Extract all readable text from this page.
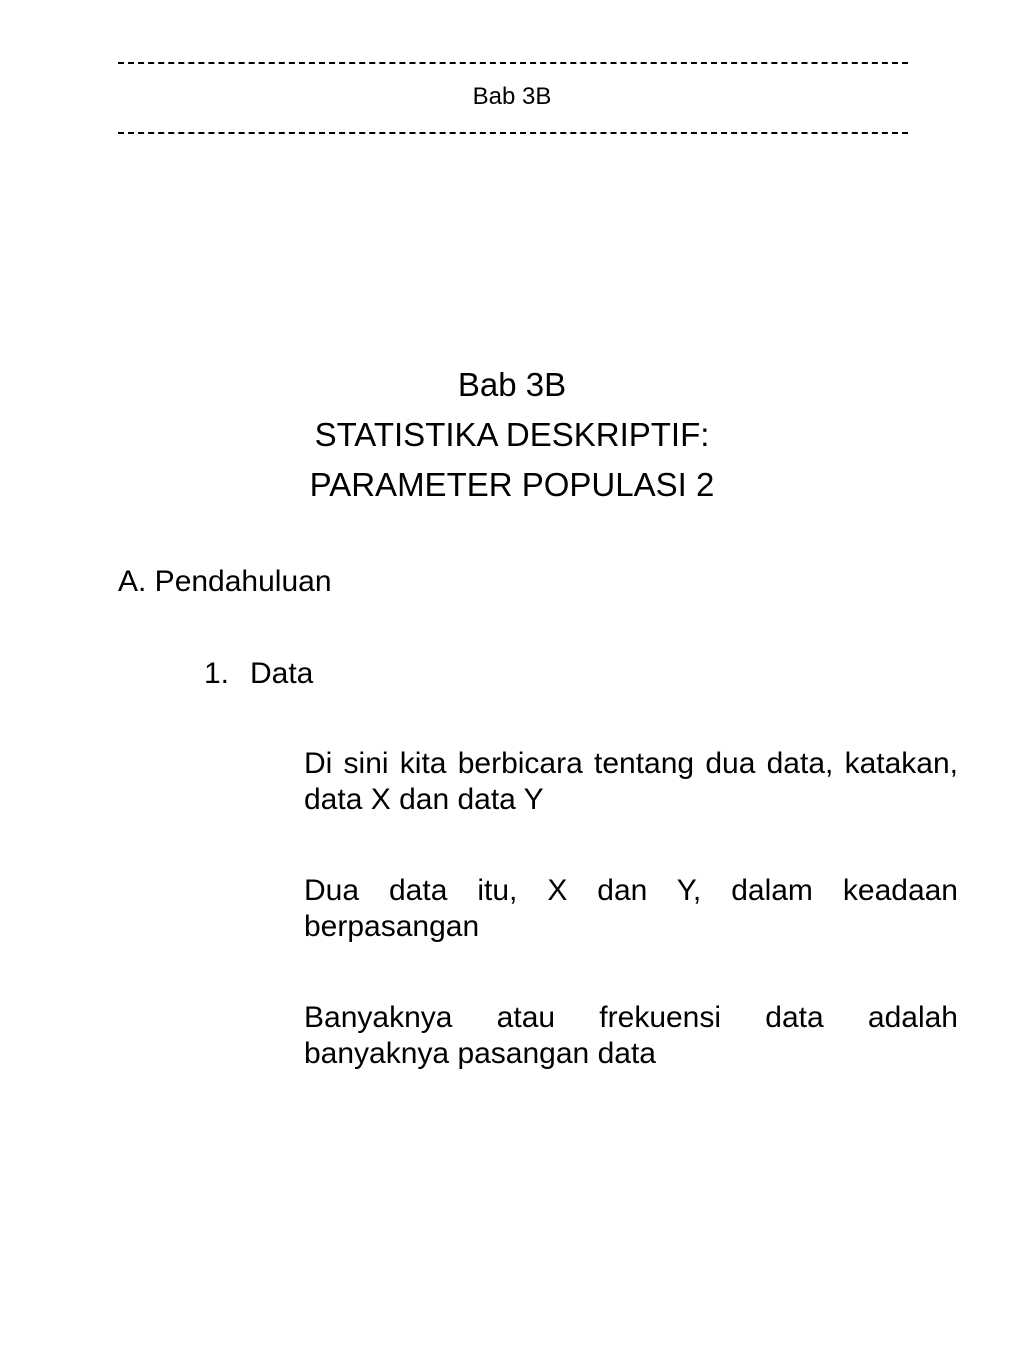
Bab 3B
Bab 3B
STATISTIKA DESKRIPTIF:
PARAMETER POPULASI 2
A. Pendahuluan
1. Data
Di sini kita berbicara tentang dua data, katakan, data X dan data Y
Dua data itu, X dan Y, dalam keadaan berpasangan
Banyaknya atau frekuensi data adalah banyaknya pasangan data
